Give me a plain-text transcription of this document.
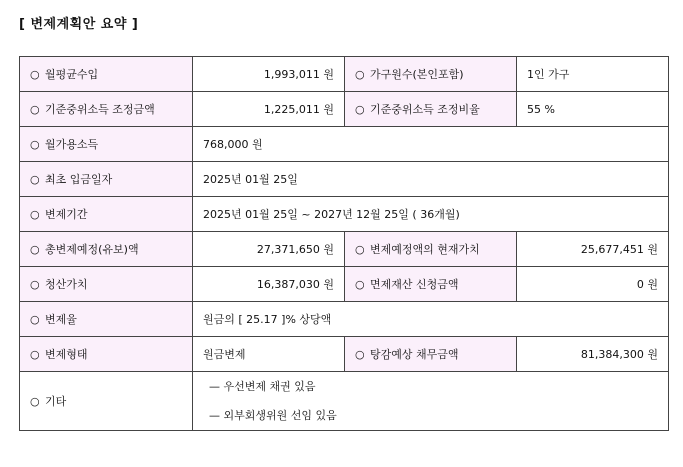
[ 변제계획안 요약 ]
○ 월평균수입	1,993,011 원	○ 가구원수(본인포함)	1인 가구
○ 기준중위소득 조정금액	1,225,011 원	○ 기준중위소득 조정비율	55 %
○ 월가용소득	768,000 원		
○ 최초 입금일자	2025년 01월 25일		
○ 변제기간	2025년 01월 25일 ~ 2027년 12월 25일 ( 36개월)		
○ 총변제예정(유보)액	27,371,650 원	○ 변제예정액의 현재가치	25,677,451 원
○ 청산가치	16,387,030 원	○ 면제재산 신청금액	0 원
○ 변제율	원금의 [ 25.17 ]% 상당액		
○ 변제형태	원금변제	○ 탕감예상 채무금액	81,384,300 원
○ 기타	— 우선변제 채권 있음
— 외부회생위원 선임 있음		
